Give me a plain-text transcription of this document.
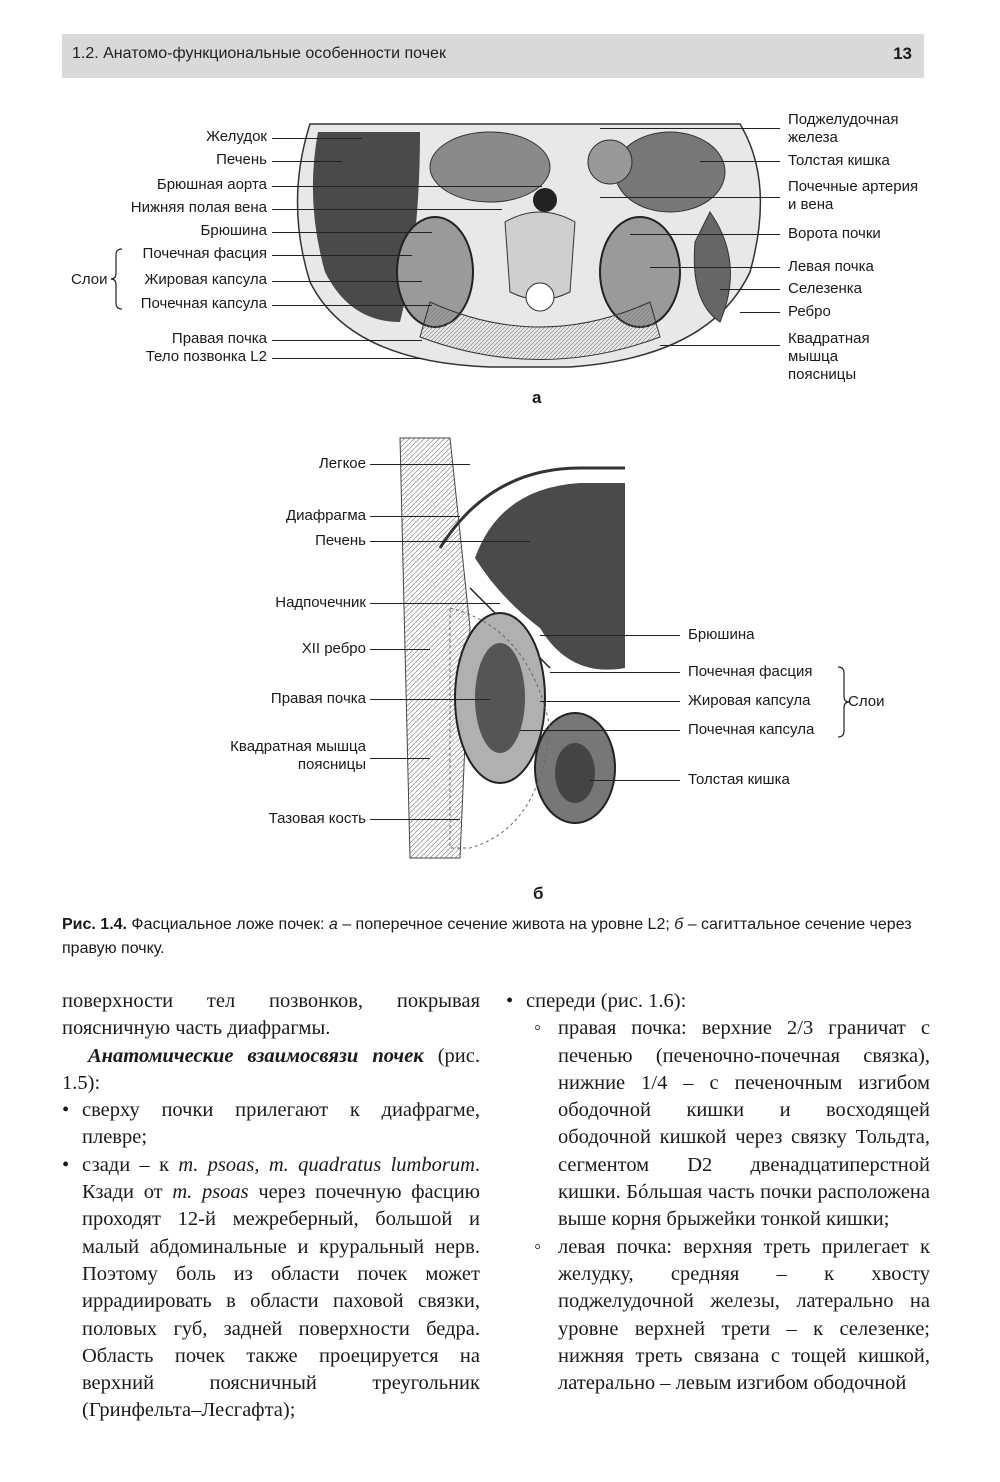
1.2. Анатомо-функциональные особенности почек	13
Желудок
Печень
Брюшная аорта
Нижняя полая вена
Брюшина
Почечная фасция
Жировая капсула
Почечная капсула
Слои
Правая почка
Тело позвонка L2
Поджелудочная железа
Толстая кишка
Почечные артерия и вена
Ворота почки
Левая почка
Селезенка
Ребро
Квадратная мышца поясницы
а
Легкое
Диафрагма
Печень
Надпочечник
XII ребро
Правая почка
Квадратная мышца поясницы
Тазовая кость
Брюшина
Почечная фасция
Жировая капсула
Почечная капсула
Слои
Толстая кишка
б
Рис. 1.4. Фасциальное ложе почек: а – поперечное сечение живота на уровне L2; б – сагиттальное сечение через правую почку.

поверхности тел позвонков, покрывая поясничную часть диафрагмы.

Анатомические взаимосвязи почек (рис. 1.5):

• сверху почки прилегают к диафрагме, плевре;

• сзади – к m. psoas, m. quadratus lumborum. Кзади от m. psoas через почечную фасцию проходят 12-й межреберный, большой и малый абдоминальные и круральный нерв. Поэтому боль из области почек может иррадиировать в области паховой связки, половых губ, задней поверхности бедра. Область почек также проецируется на верхний поясничный треугольник (Гринфельта–Лесгафта);

• спереди (рис. 1.6):

◦ правая почка: верхние 2/3 граничат с печенью (печеночно-почечная связка), нижние 1/4 – с печеночным изгибом ободочной кишки и восходящей ободочной кишкой через связку Тольдта, сегментом D2 двенадцатиперстной кишки. Бóльшая часть почки расположена выше корня брыжейки тонкой кишки;

◦ левая почка: верхняя треть прилегает к желудку, средняя – к хвосту поджелудочной железы, латерально на уровне верхней трети – к селезенке; нижняя треть связана с тощей кишкой, латерально – левым изгибом ободочной
